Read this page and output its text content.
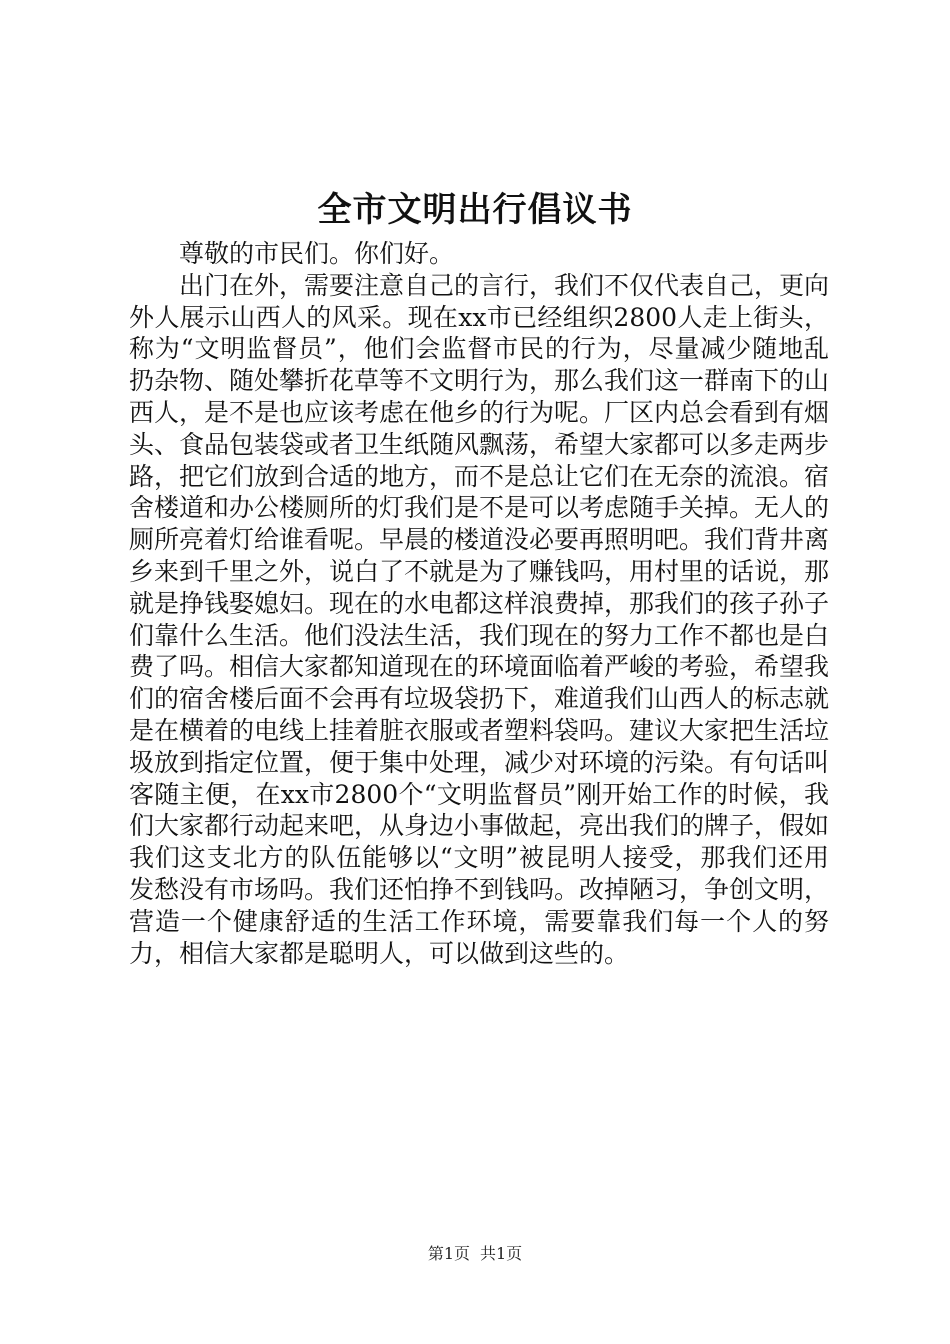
全市文明出行倡议书

尊敬的市民们。你们好。

出门在外，需要注意自己的言行，我们不仅代表自己，更向外人展示山西人的风采。现在xx市已经组织2800人走上街头，称为“文明监督员”，他们会监督市民的行为，尽量减少随地乱扔杂物、随处攀折花草等不文明行为，那么我们这一群南下的山西人，是不是也应该考虑在他乡的行为呢。厂区内总会看到有烟头、食品包装袋或者卫生纸随风飘荡，希望大家都可以多走两步路，把它们放到合适的地方，而不是总让它们在无奈的流浪。宿舍楼道和办公楼厕所的灯我们是不是可以考虑随手关掉。无人的厕所亮着灯给谁看呢。早晨的楼道没必要再照明吧。我们背井离乡来到千里之外，说白了不就是为了赚钱吗，用村里的话说，那就是挣钱娶媳妇。现在的水电都这样浪费掉，那我们的孩子孙子们靠什么生活。他们没法生活，我们现在的努力工作不都也是白费了吗。相信大家都知道现在的环境面临着严峻的考验，希望我们的宿舍楼后面不会再有垃圾袋扔下，难道我们山西人的标志就是在横着的电线上挂着脏衣服或者塑料袋吗。建议大家把生活垃圾放到指定位置，便于集中处理，减少对环境的污染。有句话叫客随主便，在xx市2800个“文明监督员”刚开始工作的时候，我们大家都行动起来吧，从身边小事做起，亮出我们的牌子，假如我们这支北方的队伍能够以“文明”被昆明人接受，那我们还用发愁没有市场吗。我们还怕挣不到钱吗。改掉陋习，争创文明，营造一个健康舒适的生活工作环境，需要靠我们每一个人的努力，相信大家都是聪明人，可以做到这些的。

第1页 共1页
